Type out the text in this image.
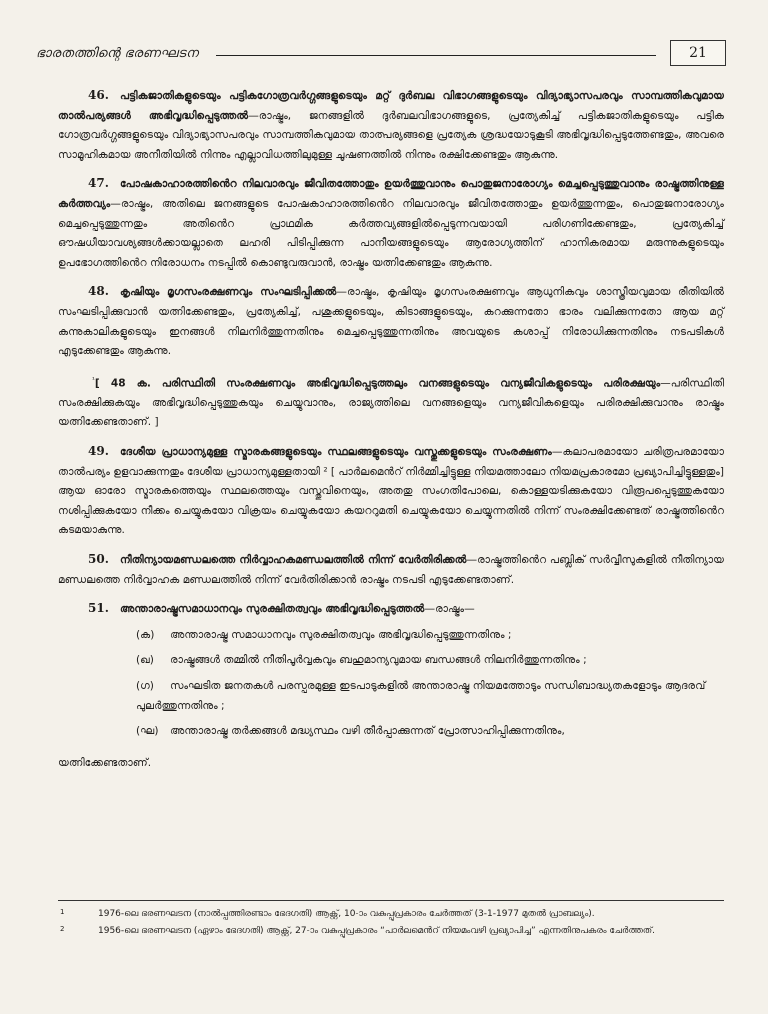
ഭാരതത്തിന്റെ ഭരണഘടന	21

46. പട്ടികജാതികളുടെയും പട്ടികഗോത്രവർഗ്ഗങ്ങളുടെയും മറ്റ് ദുർബല വിഭാഗങ്ങളുടെയും വിദ്യാഭ്യാസപരവും സാമ്പത്തികവുമായ താൽപര്യങ്ങൾ അഭിവൃദ്ധിപ്പെടുത്തൽ—രാഷ്ട്രം, ജനങ്ങളിൽ ദുർബലവിഭാഗങ്ങളുടെ, പ്രത്യേകിച്ച് പട്ടികജാതികളുടെയും പട്ടിക ഗോത്രവർഗ്ഗങ്ങളുടെയും വിദ്യാഭ്യാസപരവും സാമ്പത്തികവുമായ താത്പര്യങ്ങളെ പ്രത്യേക ശ്രദ്ധയോടുകൂടി അഭിവൃദ്ധിപ്പെടുത്തേണ്ടതും, അവരെ സാമൂഹികമായ അനീതിയിൽ നിന്നും എല്ലാവിധത്തിലുമുള്ള ചൂഷണത്തിൽ നിന്നും രക്ഷിക്കേണ്ടതും ആകുന്നു.

47. പോഷകാഹാരത്തിൻെറ നിലവാരവും ജീവിതത്തോതും ഉയർത്തുവാനും പൊതുജനാരോഗ്യം മെച്ചപ്പെടുത്തുവാനും രാഷ്ട്രത്തിനുള്ള കർത്തവ്യം—രാഷ്ട്രം, അതിലെ ജനങ്ങളുടെ പോഷകാഹാരത്തിൻെറ നിലവാരവും ജീവിതത്തോതും ഉയർത്തുന്നതും, പൊതുജനാരോഗ്യം മെച്ചപ്പെടുത്തുന്നതും അതിൻെറ പ്രാഥമിക കർത്തവ്യങ്ങളിൽപ്പെടുന്നവയായി പരിഗണിക്കേണ്ടതും, പ്രത്യേകിച്ച് ഔഷധീയാവശ്യങ്ങൾക്കായല്ലാതെ ലഹരി പിടിപ്പിക്കുന്ന പാനീയങ്ങളുടെയും ആരോഗ്യത്തിന് ഹാനികരമായ മരുന്നുകളുടെയും ഉപഭോഗത്തിൻെറ നിരോധനം നടപ്പിൽ കൊണ്ടുവരുവാൻ, രാഷ്ട്രം യത്നിക്കേണ്ടതും ആകുന്നു.

48. കൃഷിയും മൃഗസംരക്ഷണവും സംഘടിപ്പിക്കൽ—രാഷ്ട്രം, കൃഷിയും മൃഗസംരക്ഷണവും ആധുനികവും ശാസ്ത്രീയവുമായ രീതിയിൽ സംഘടിപ്പിക്കുവാൻ യത്നിക്കേണ്ടതും, പ്രത്യേകിച്ച്, പശുക്കളുടെയും, കിടാങ്ങളുടെയും, കറക്കുന്നതോ ഭാരം വലിക്കുന്നതോ ആയ മറ്റ് കന്നുകാലികളുടെയും ഇനങ്ങൾ നിലനിർത്തുന്നതിനും മെച്ചപ്പെടുത്തുന്നതിനും അവയുടെ കശാപ്പ് നിരോധിക്കുന്നതിനും നടപടികൾ എടുക്കേണ്ടതും ആകുന്നു.

$^{^1}$[ 48 ക. പരിസ്ഥിതി സംരക്ഷണവും അഭിവൃദ്ധിപ്പെടുത്തലും വനങ്ങളുടെയും വന്യജീവികളുടെയും പരിരക്ഷയും—പരിസ്ഥിതി സംരക്ഷിക്കുകയും അഭിവൃദ്ധിപ്പെടുത്തുകയും ചെയ്യുവാനും, രാജ്യത്തിലെ വനങ്ങളെയും വന്യജീവികളെയും പരിരക്ഷിക്കുവാനും രാഷ്ട്രം യത്നിക്കേണ്ടതാണ്. ]

49. ദേശീയ പ്രാധാന്യമുള്ള സ്മാരകങ്ങളുടെയും സ്ഥലങ്ങളുടെയും വസ്തുക്കളുടെയും സംരക്ഷണം—കലാപരമായോ ചരിത്രപരമായോ താൽപര്യം ഉളവാക്കുന്നതും ദേശീയ പ്രാധാന്യമുള്ളതായി ² [ പാർലമെൻറ് നിർമ്മിച്ചിട്ടുള്ള നിയമത്താലോ നിയമപ്രകാരമോ പ്രഖ്യാപിച്ചിട്ടുള്ളതും] ആയ ഓരോ സ്മാരകത്തെയും സ്ഥലത്തെയും വസ്തുവിനെയും, അതതു സംഗതിപോലെ, കൊള്ളയടിക്കുകയോ വിരൂപപ്പെടുത്തുകയോ നശിപ്പിക്കുകയോ നീക്കം ചെയ്യുകയോ വിക്രയം ചെയ്യുകയോ കയററുമതി ചെയ്യുകയോ ചെയ്യുന്നതിൽ നിന്ന് സംരക്ഷിക്കേണ്ടത് രാഷ്ട്രത്തിൻെറ കടമയാകുന്നു.

50. നീതിന്യായമണ്ഡലത്തെ നിർവ്വാഹകമണ്ഡലത്തിൽ നിന്ന് വേർതിരിക്കൽ—രാഷ്ട്രത്തിൻെറ പബ്ലിക് സർവ്വീസുകളിൽ നീതിന്യായ മണ്ഡലത്തെ നിർവ്വാഹക മണ്ഡലത്തിൽ നിന്ന് വേർതിരിക്കാൻ രാഷ്ട്രം നടപടി എടുക്കേണ്ടതാണ്.

51. അന്താരാഷ്ട്രസമാധാനവും സുരക്ഷിതത്വവും അഭിവൃദ്ധിപ്പെടുത്തൽ—രാഷ്ട്രം—

(ക) അന്താരാഷ്ട്ര സമാധാനവും സുരക്ഷിതത്വവും അഭിവൃദ്ധിപ്പെടുത്തുന്നതിനും ;
(ഖ) രാഷ്ട്രങ്ങൾ തമ്മിൽ നീതിപൂർവ്വകവും ബഹുമാന്യവുമായ ബന്ധങ്ങൾ നിലനിർത്തുന്നതിനും ;
(ഗ) സംഘടിത ജനതകൾ പരസ്പരമുള്ള ഇടപാടുകളിൽ അന്താരാഷ്ട്ര നിയമത്തോടും സന്ധിബാദ്ധ്യതകളോടും ആദരവ് പുലർത്തുന്നതിനും ;
(ഘ) അന്താരാഷ്ട്ര തർക്കങ്ങൾ മദ്ധ്യസ്ഥം വഴി തീർപ്പാക്കുന്നത് പ്രോത്സാഹിപ്പിക്കുന്നതിനും,
യത്നിക്കേണ്ടതാണ്.
1	1976-ലെ ഭരണഘടന (നാൽപ്പത്തിരണ്ടാം ഭേദഗതി) ആക്റ്റ്, 10-ാം വകുപ്പുപ്രകാരം ചേർത്തത് (3-1-1977 മുതൽ പ്രാബല്യം).
2	1956-ലെ ഭരണഘടന (ഏഴാം ഭേദഗതി) ആക്റ്റ്, 27-ാം വകുപ്പുപ്രകാരം “പാർലമെൻറ് നിയമംവഴി പ്രഖ്യാപിച്ച” എന്നതിനുപകരം ചേർത്തത്.
